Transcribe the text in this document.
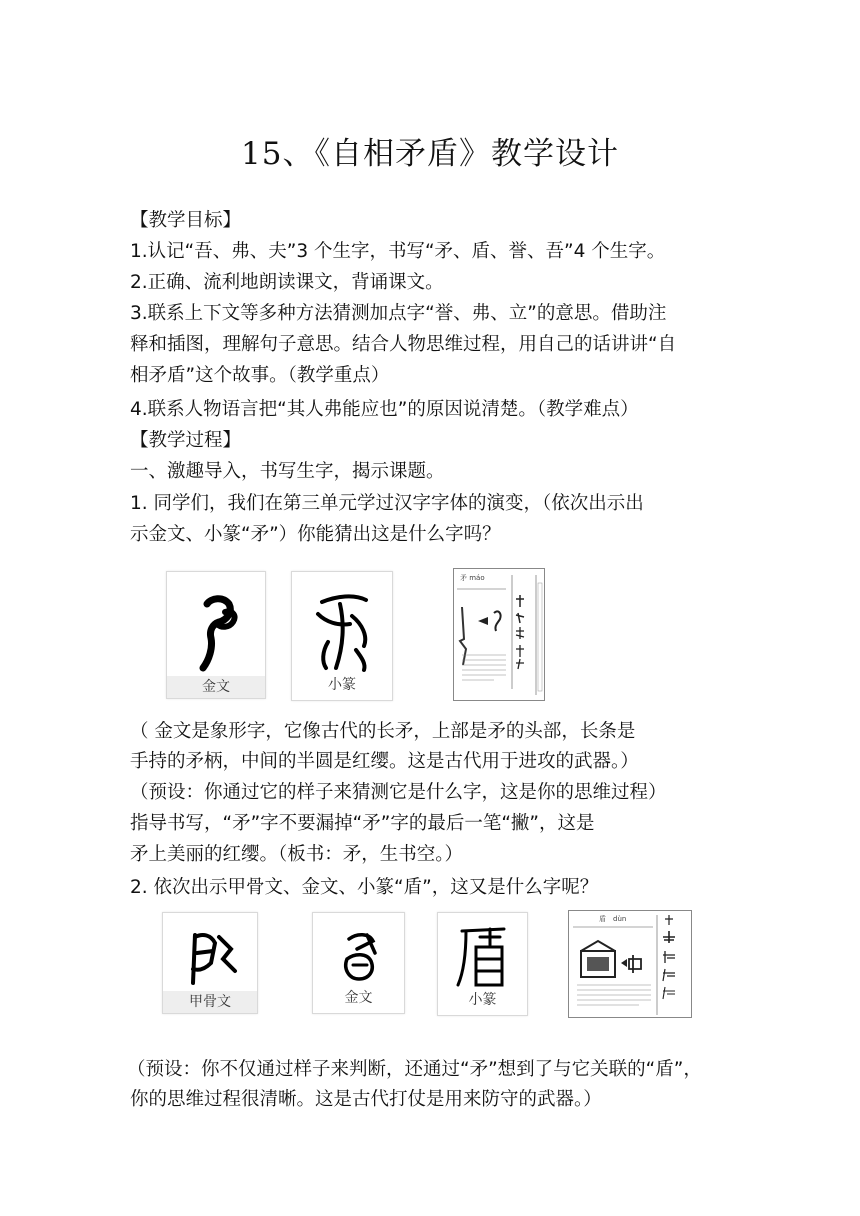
15、《自相矛盾》教学设计
【教学目标】
1.认记“吾、弗、夫”3 个生字，书写“矛、盾、誉、吾”4 个生字。
2.正确、流利地朗读课文，背诵课文。
3.联系上下文等多种方法猜测加点字“誉、弗、立”的意思。借助注
释和插图，理解句子意思。结合人物思维过程，用自己的话讲讲“自
相矛盾”这个故事。（教学重点）
4.联系人物语言把“其人弗能应也”的原因说清楚。（教学难点）
【教学过程】
一、激趣导入，书写生字，揭示课题。
1. 同学们，我们在第三单元学过汉字字体的演变，（依次出示出
示金文、小篆“矛”）你能猜出这是什么字吗？
金文	小篆
矛 máo
（ 金文是象形字，它像古代的长矛，上部是矛的头部，长条是
手持的矛柄，中间的半圆是红缨。这是古代用于进攻的武器。）
（预设：你通过它的样子来猜测它是什么字，这是你的思维过程）
指导书写，“矛”字不要漏掉“矛”字的最后一笔“撇”，这是
矛上美丽的红缨。（板书：矛，生书空。）
2. 依次出示甲骨文、金文、小篆“盾”，这又是什么字呢？
甲骨文	金文	小篆
盾　dùn
（预设：你不仅通过样子来判断，还通过“矛”想到了与它关联的“盾”，
你的思维过程很清晰。这是古代打仗是用来防守的武器。）
